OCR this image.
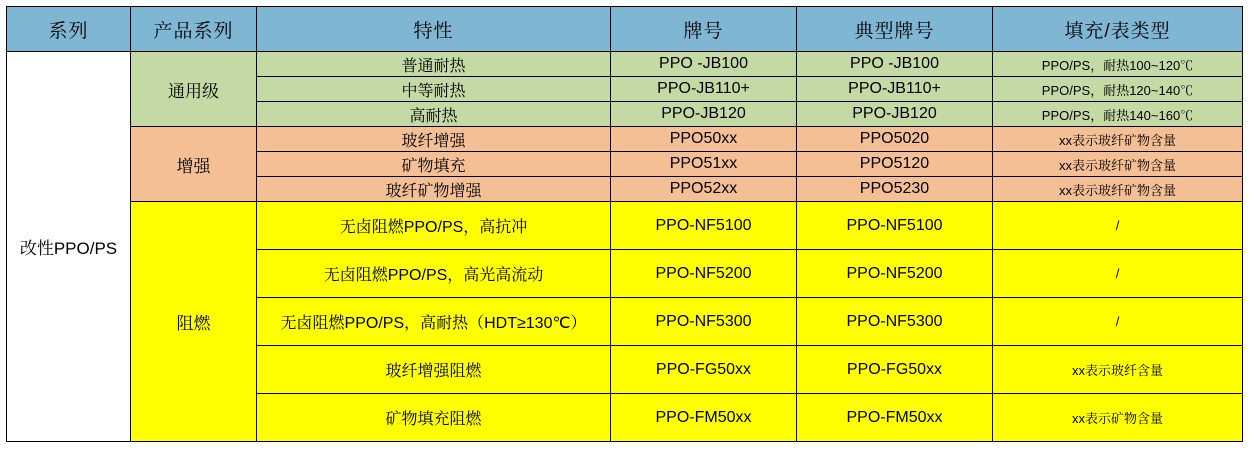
系列	产品系列	特性	牌号	典型牌号	填充/表类型
改性PPO/PS	通用级	普通耐热	PPO -JB100	PPO -JB100	PPO/PS，耐热100~120℃
		中等耐热	PPO-JB110+	PPO-JB110+	PPO/PS，耐热120~140℃
		高耐热	PPO-JB120	PPO-JB120	PPO/PS，耐热140~160℃
	增强	玻纤增强	PPO50xx	PPO5020	xx表示玻纤矿物含量
		矿物填充	PPO51xx	PPO5120	xx表示玻纤矿物含量
		玻纤矿物增强	PPO52xx	PPO5230	xx表示玻纤矿物含量
	阻燃	无卤阻燃PPO/PS，高抗冲	PPO-NF5100	PPO-NF5100	/
		无卤阻燃PPO/PS，高光高流动	PPO-NF5200	PPO-NF5200	/
		无卤阻燃PPO/PS，高耐热（HDT≥130℃）	PPO-NF5300	PPO-NF5300	/
		玻纤增强阻燃	PPO-FG50xx	PPO-FG50xx	xx表示玻纤含量
		矿物填充阻燃	PPO-FM50xx	PPO-FM50xx	xx表示矿物含量
